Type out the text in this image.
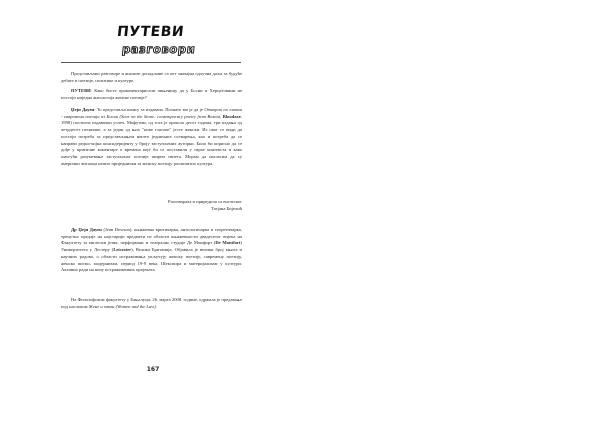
ПУТЕВИ
разговори

Представљамо разговоре и анализе допадљиве са пет значајна одлучна даља за будуће дебате и поезије, политике и културе.

ПУТЕВИ: Како бисте прокоментарисали чињеницу да у Босни и Херцеговини не постоји ниједна антологија женске поезије?

Џеји Дауен: То представља шансу за издавача. Познато ми је да је Отвораи по главни - савремена поезија из Босни (Scar on the Stone: contemporary poetry from Bosnia, Bloodaxe, 1998) постигла издавачки успех. Мофутим, од тога је прошло десет година, три издања од четрдесет песничке, а за један од њих "нове гласове" јесте женски. Из овог се види да постоји потреба за представљањем нешто једничних остварења, као и потреба да се направи редно-којна консидеријенту у броју заступљених ауторки. Било би корисно да се дође у критичне коментаре о времена које би се поставили у сврхе контекста и како омогући разумевање заступљеног поезије ширем свиета. Морам да нагласим да су амерички читаоци нешто приједнички за женску поезију различитих култура.

Разговарала и приредила са енглеског
Татјана Бијелић

Др Џеји Дауен (Jean Dewson), књижевна критичарка, антологичарка и теоретичарка, тренутно предаје на најстарији предмети из области књижевности двадесетог вијека на Факултету за енглески језик, перформанс и театрално студије Де Монфорт (De Montfort) Универзитета у Лестеру (Leicester), Велика Британија. Објавила је велики број књига и научних радова, о области истраживања укључују женску поезију, савремену поезију, женско писмо, модернизам, период 19-9 века, Шекспира и материјализам у култури. Активно ради на низу истраживачких пројеката.

На Филозофском факултету у Бањалуци, 26. марта 2008. године, одржала је предавање под насловом Жене и закон (Women and the Law).

167
